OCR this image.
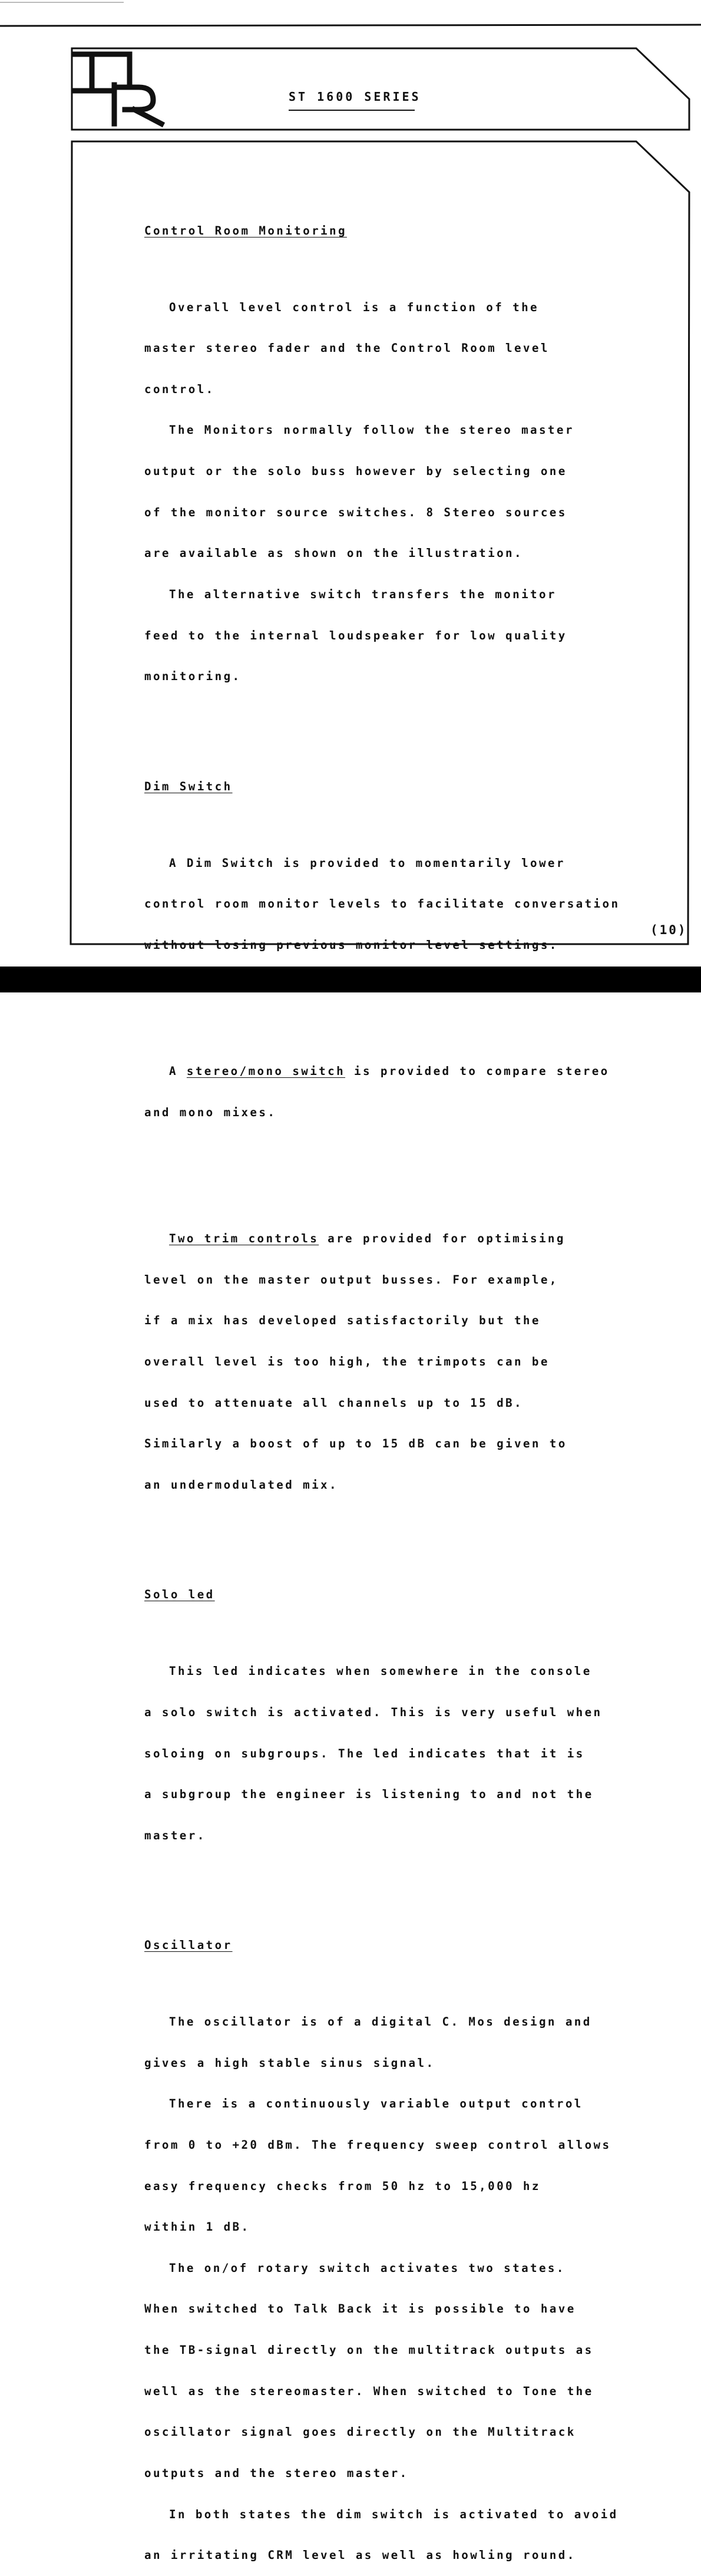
ST 1600 SERIES

Control Room Monitoring

Overall level control is a function of the

master stereo fader and the Control Room level

control.

The Monitors normally follow the stereo master

output or the solo buss however by selecting one

of the monitor source switches. 8 Stereo sources

are available as shown on the illustration.

The alternative switch transfers the monitor

feed to the internal loudspeaker for low quality

monitoring.

Dim Switch

A Dim Switch is provided to momentarily lower

control room monitor levels to facilitate conversation

without losing previous monitor level settings.

A stereo/mono switch is provided to compare stereo

and mono mixes.

Two trim controls are provided for optimising

level on the master output busses. For example,

if a mix has developed satisfactorily but the

overall level is too high, the trimpots can be

used to attenuate all channels up to 15 dB.

Similarly a boost of up to 15 dB can be given to

an undermodulated mix.

Solo led

This led indicates when somewhere in the console

a solo switch is activated. This is very useful when

soloing on subgroups. The led indicates that it is

a subgroup the engineer is listening to and not the

master.

Oscillator

The oscillator is of a digital C. Mos design and

gives a high stable sinus signal.

There is a continuously variable output control

from 0 to +20 dBm. The frequency sweep control allows

easy frequency checks from 50 hz to 15,000 hz

within 1 dB.

The on/of rotary switch activates two states.

When switched to Talk Back it is possible to have

the TB-signal directly on the multitrack outputs as

well as the stereomaster. When switched to Tone the

oscillator signal goes directly on the Multitrack

outputs and the stereo master.

In both states the dim switch is activated to avoid

an irritating CRM level as well as howling round.

(10)
